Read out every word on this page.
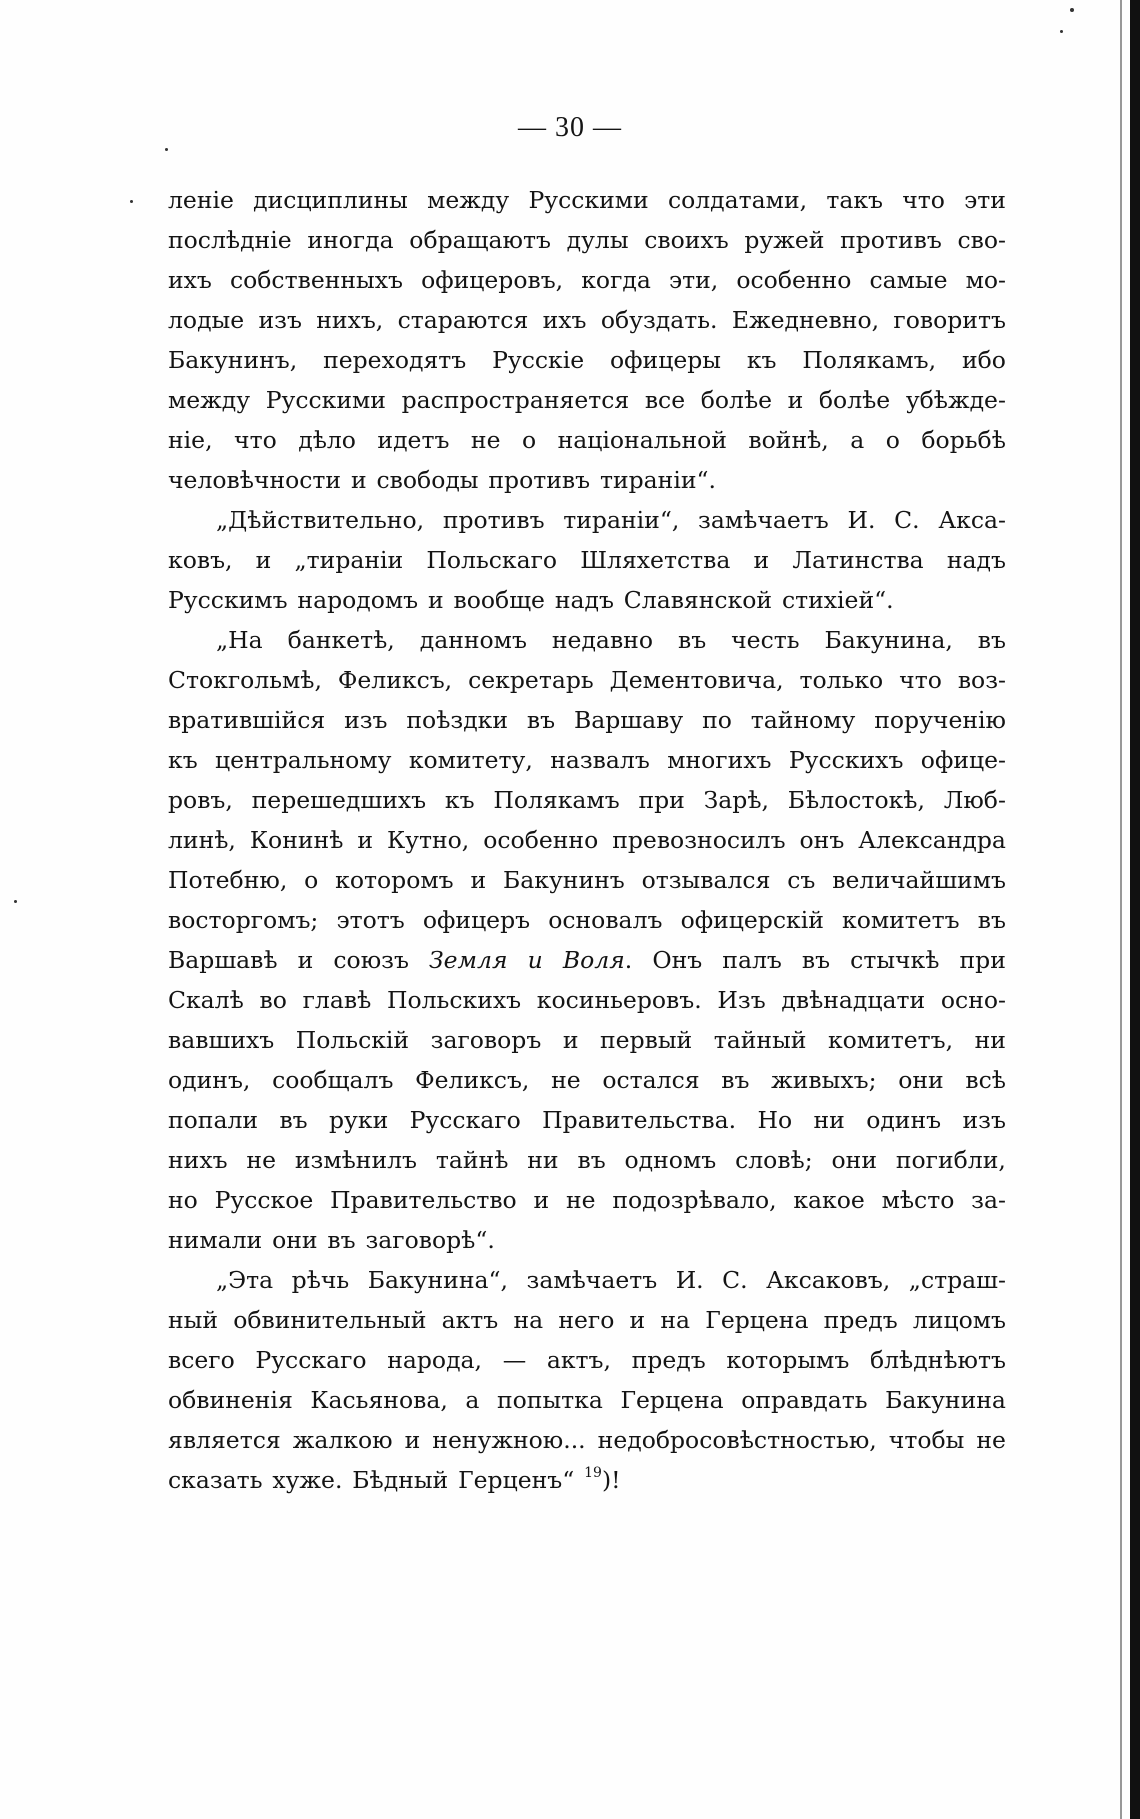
— 30 —
леніе дисциплины между Русскими солдатами, такъ что эти
послѣдніе иногда обращаютъ дулы своихъ ружей противъ сво-
ихъ собственныхъ офицеровъ, когда эти, особенно самые мо-
лодые изъ нихъ, стараются ихъ обуздать. Ежедневно, говоритъ
Бакунинъ, переходятъ Русскіе офицеры къ Полякамъ, ибо
между Русскими распространяется все болѣе и болѣе убѣжде-
ніе, что дѣло идетъ не о національной войнѣ, а о борьбѣ
человѣчности и свободы противъ тираніи“.
„Дѣйствительно, противъ тираніи“, замѣчаетъ И. С. Акса-
ковъ, и „тираніи Польскаго Шляхетства и Латинства надъ
Русскимъ народомъ и вообще надъ Славянской стихіей“.
„На банкетѣ, данномъ недавно въ честь Бакунина, въ
Стокгольмѣ, Феликсъ, секретарь Дементовича, только что воз-
вратившійся изъ поѣздки въ Варшаву по тайному порученію
къ центральному комитету, назвалъ многихъ Русскихъ офице-
ровъ, перешедшихъ къ Полякамъ при Зарѣ, Бѣлостокѣ, Люб-
линѣ, Конинѣ и Кутно, особенно превозносилъ онъ Александра
Потебню, о которомъ и Бакунинъ отзывался съ величайшимъ
восторгомъ; этотъ офицеръ основалъ офицерскій комитетъ въ
Варшавѣ и союзъ Земля и Воля. Онъ палъ въ стычкѣ при
Скалѣ во главѣ Польскихъ косиньеровъ. Изъ двѣнадцати осно-
вавшихъ Польскій заговоръ и первый тайный комитетъ, ни
одинъ, сообщалъ Феликсъ, не остался въ живыхъ; они всѣ
попали въ руки Русскаго Правительства. Но ни одинъ изъ
нихъ не измѣнилъ тайнѣ ни въ одномъ словѣ; они погибли,
но Русское Правительство и не подозрѣвало, какое мѣсто за-
нимали они въ заговорѣ“.
„Эта рѣчь Бакунина“, замѣчаетъ И. С. Аксаковъ, „страш-
ный обвинительный актъ на него и на Герцена предъ лицомъ
всего Русскаго народа, — актъ, предъ которымъ блѣднѣютъ
обвиненія Касьянова, а попытка Герцена оправдать Бакунина
является жалкою и ненужною... недобросовѣстностью, чтобы не
сказать хуже. Бѣдный Герценъ“ $^{19}$)!
